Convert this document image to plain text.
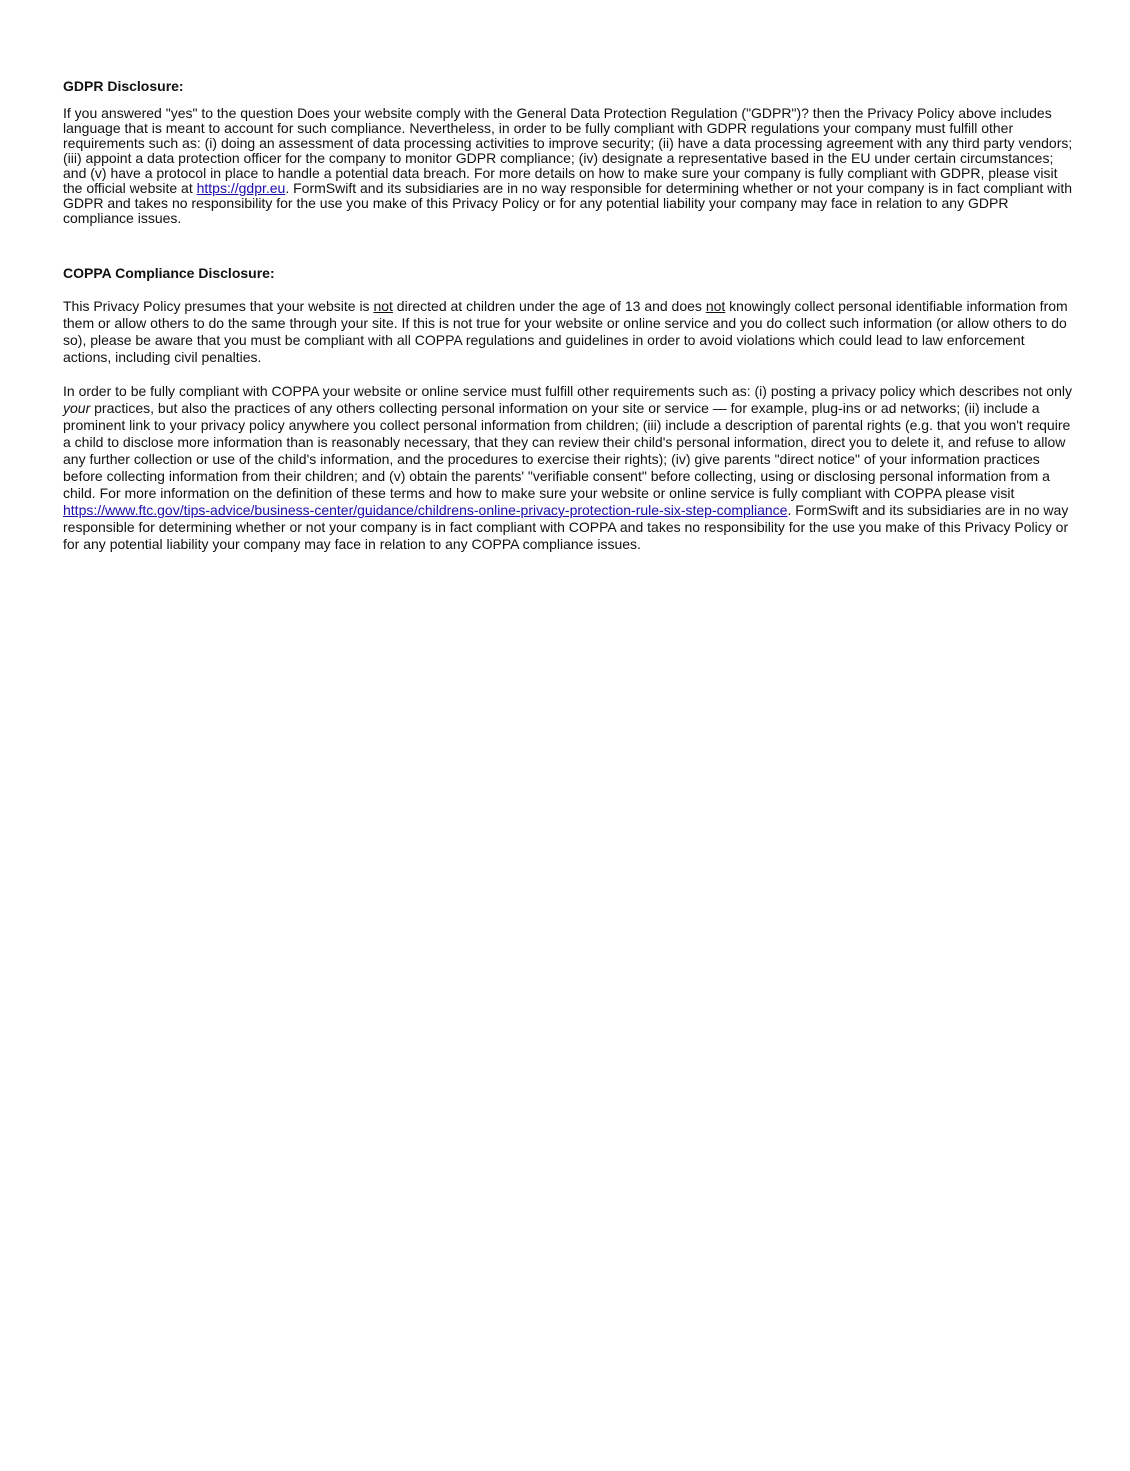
GDPR Disclosure:

If you answered "yes" to the question Does your website comply with the General Data Protection Regulation ("GDPR")? then the Privacy Policy above includes language that is meant to account for such compliance. Nevertheless, in order to be fully compliant with GDPR regulations your company must fulfill other requirements such as: (i) doing an assessment of data processing activities to improve security; (ii) have a data processing agreement with any third party vendors; (iii) appoint a data protection officer for the company to monitor GDPR compliance; (iv) designate a representative based in the EU under certain circumstances; and (v) have a protocol in place to handle a potential data breach. For more details on how to make sure your company is fully compliant with GDPR, please visit the official website at https://gdpr.eu. FormSwift and its subsidiaries are in no way responsible for determining whether or not your company is in fact compliant with GDPR and takes no responsibility for the use you make of this Privacy Policy or for any potential liability your company may face in relation to any GDPR compliance issues.

COPPA Compliance Disclosure:

This Privacy Policy presumes that your website is not directed at children under the age of 13 and does not knowingly collect personal identifiable information from them or allow others to do the same through your site. If this is not true for your website or online service and you do collect such information (or allow others to do so), please be aware that you must be compliant with all COPPA regulations and guidelines in order to avoid violations which could lead to law enforcement actions, including civil penalties.

In order to be fully compliant with COPPA your website or online service must fulfill other requirements such as: (i) posting a privacy policy which describes not only your practices, but also the practices of any others collecting personal information on your site or service — for example, plug-ins or ad networks; (ii) include a prominent link to your privacy policy anywhere you collect personal information from children; (iii) include a description of parental rights (e.g. that you won't require a child to disclose more information than is reasonably necessary, that they can review their child's personal information, direct you to delete it, and refuse to allow any further collection or use of the child's information, and the procedures to exercise their rights); (iv) give parents "direct notice" of your information practices before collecting information from their children; and (v) obtain the parents' "verifiable consent" before collecting, using or disclosing personal information from a child. For more information on the definition of these terms and how to make sure your website or online service is fully compliant with COPPA please visit https://www.ftc.gov/tips-advice/business-center/guidance/childrens-online-privacy-protection-rule-six-step-compliance. FormSwift and its subsidiaries are in no way responsible for determining whether or not your company is in fact compliant with COPPA and takes no responsibility for the use you make of this Privacy Policy or for any potential liability your company may face in relation to any COPPA compliance issues.
